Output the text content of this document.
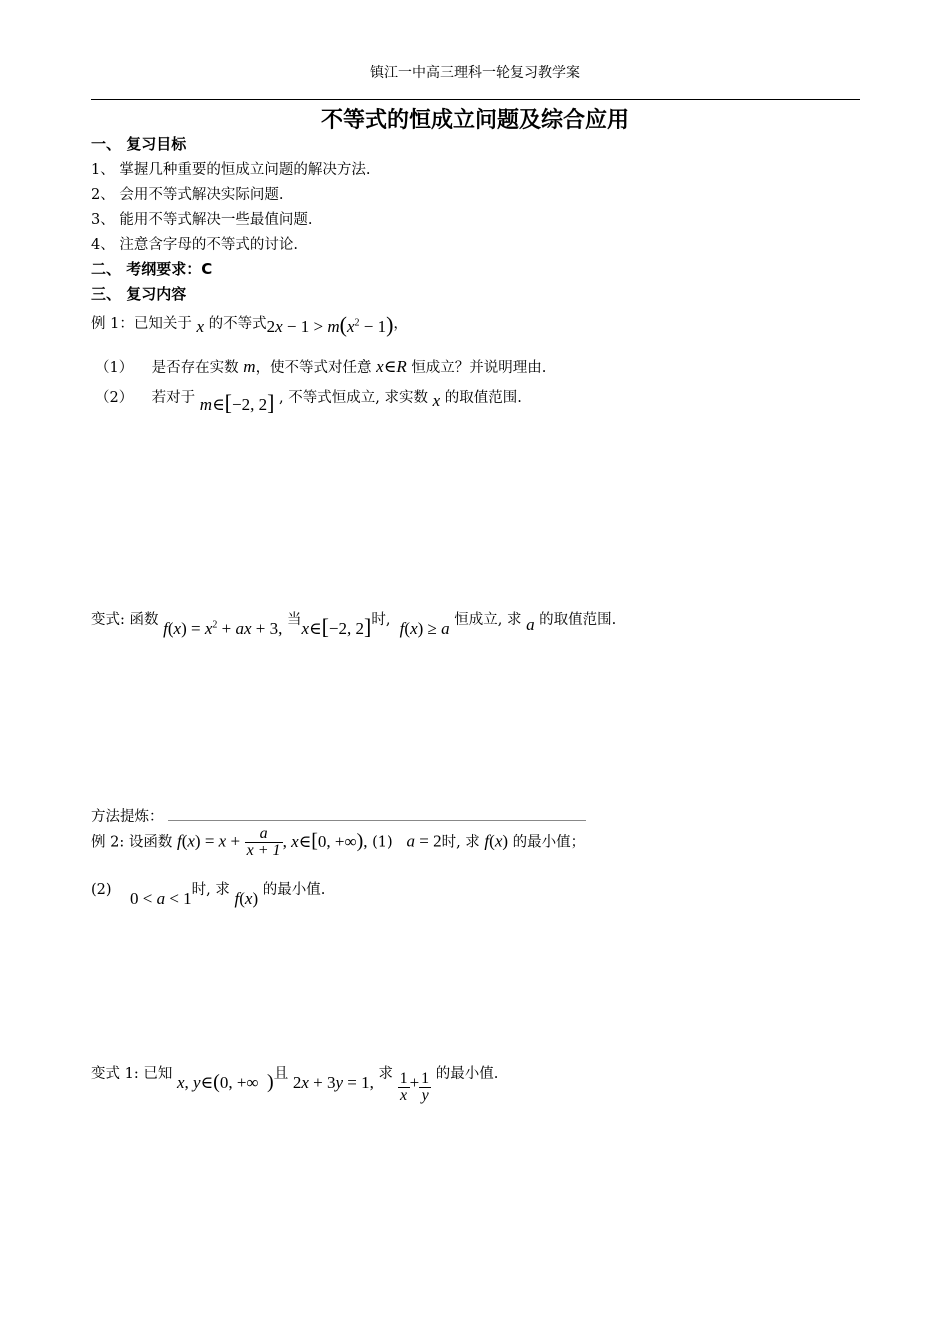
镇江一中高三理科一轮复习教学案
不等式的恒成立问题及综合应用
一、 复习目标
1、 掌握几种重要的恒成立问题的解决方法.
2、 会用不等式解决实际问题.
3、 能用不等式解决一些最值问题.
4、 注意含字母的不等式的讨论.
二、 考纲要求：C
三、 复习内容
例 1：已知关于 x 的不等式$2x - 1 > m(x^2 - 1)$，
（1） 是否存在实数 m，使不等式对任意 x∈R 恒成立？并说明理由.
（2） 若对于 m∈[−2, 2] , 不等式恒成立, 求实数 x 的取值范围.
变式: 函数 $f(x) = x^2$ + ax + 3, 当x∈[−2, 2]时, f(x) ≥ a 恒成立, 求 a 的取值范围.
方法提炼：
例 2: 设函数 $f(x) = x + \frac{a}{x + 1}$ , x∈[0, +∞), (1) a = 2时, 求 f(x) 的最小值；
(2) 0 < a < 1时, 求 f(x) 的最小值.
变式 1: 已知 x, y∈(0, +∞  )且 2x + 3y = 1, 求 $\frac{1}{x} + \frac{1}{y}$ 的最小值.
